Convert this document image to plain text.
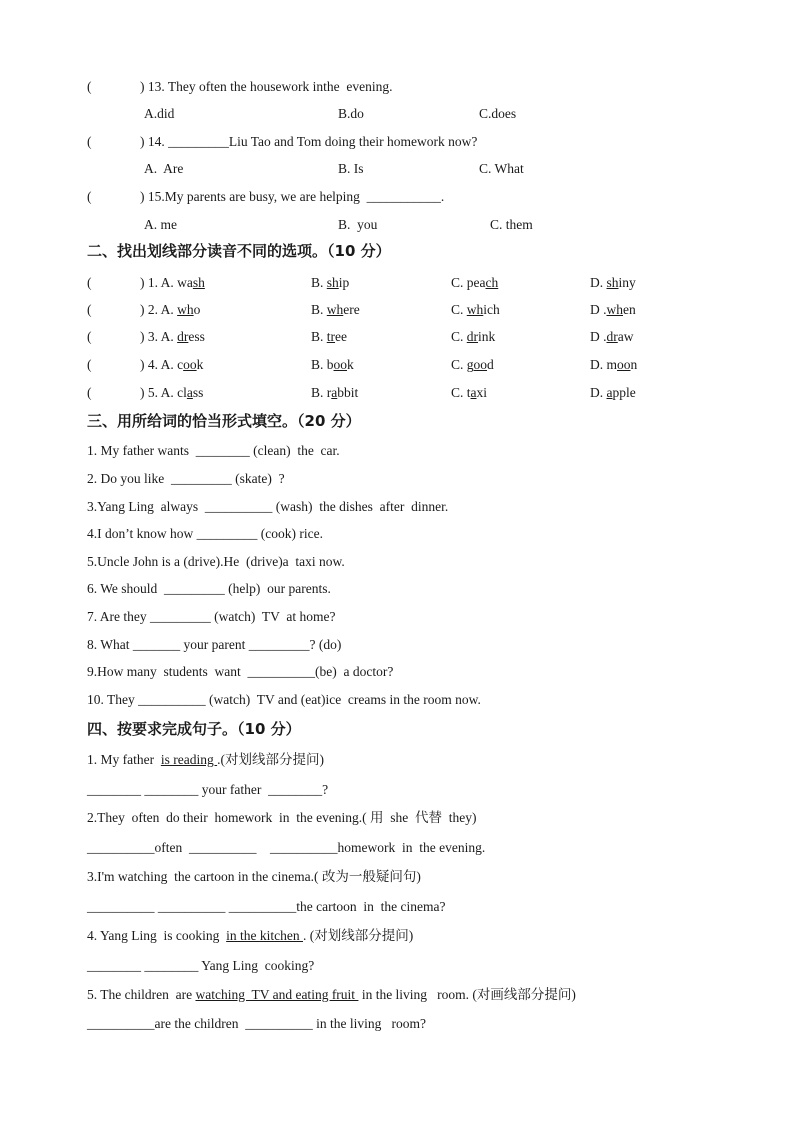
(	) 13. They often the housework inthe  evening.
A.did	B.do	C.does
(	) 14. _________Liu Tao and Tom doing their homework now?
A.  Are	B. Is	C. What
(	) 15.My parents are busy, we are helping  ___________.
A. me	B.  you	C. them
二、找出划线部分读音不同的选项。（10 分）
(	) 1. A. wash	B. ship	C. peach	D. shiny
(	) 2. A. who	B. where	C. which	D .when
(	) 3. A. dress	B. tree	C. drink	D .draw
(	) 4. A. cook	B. book	C. good	D. moon
(	) 5. A. class	B. rabbit	C. taxi	D. apple
三、用所给词的恰当形式填空。（20 分）
1. My father wants  ________ (clean)  the  car.
2. Do you like  _________ (skate)  ?
3.Yang Ling  always  __________ (wash)  the dishes  after  dinner.
4.I don’t know how _________ (cook) rice.
5.Uncle John is a (drive).He  (drive)a  taxi now.
6. We should  _________ (help)  our parents.
7. Are they _________ (watch)  TV  at home?
8. What _______ your parent _________? (do)
9.How many  students  want  __________(be)  a doctor?
10. They __________ (watch)  TV and (eat)ice  creams in the room now.
四、按要求完成句子。（10 分）
1. My father  is reading .(对划线部分提问)
________ ________ your father  ________?
2.They  often  do their  homework  in  the evening.( 用  she  代替  they)
__________often  __________    __________homework  in  the evening.
3.I'm watching  the cartoon in the cinema.( 改为一般疑问句)
__________ __________ __________the cartoon  in  the cinema?
4. Yang Ling  is cooking  in the kitchen . (对划线部分提问)
________ ________ Yang Ling  cooking?
5. The children  are watching  TV and eating fruit  in the living   room. (对画线部分提问)
__________are the children  __________ in the living   room?
